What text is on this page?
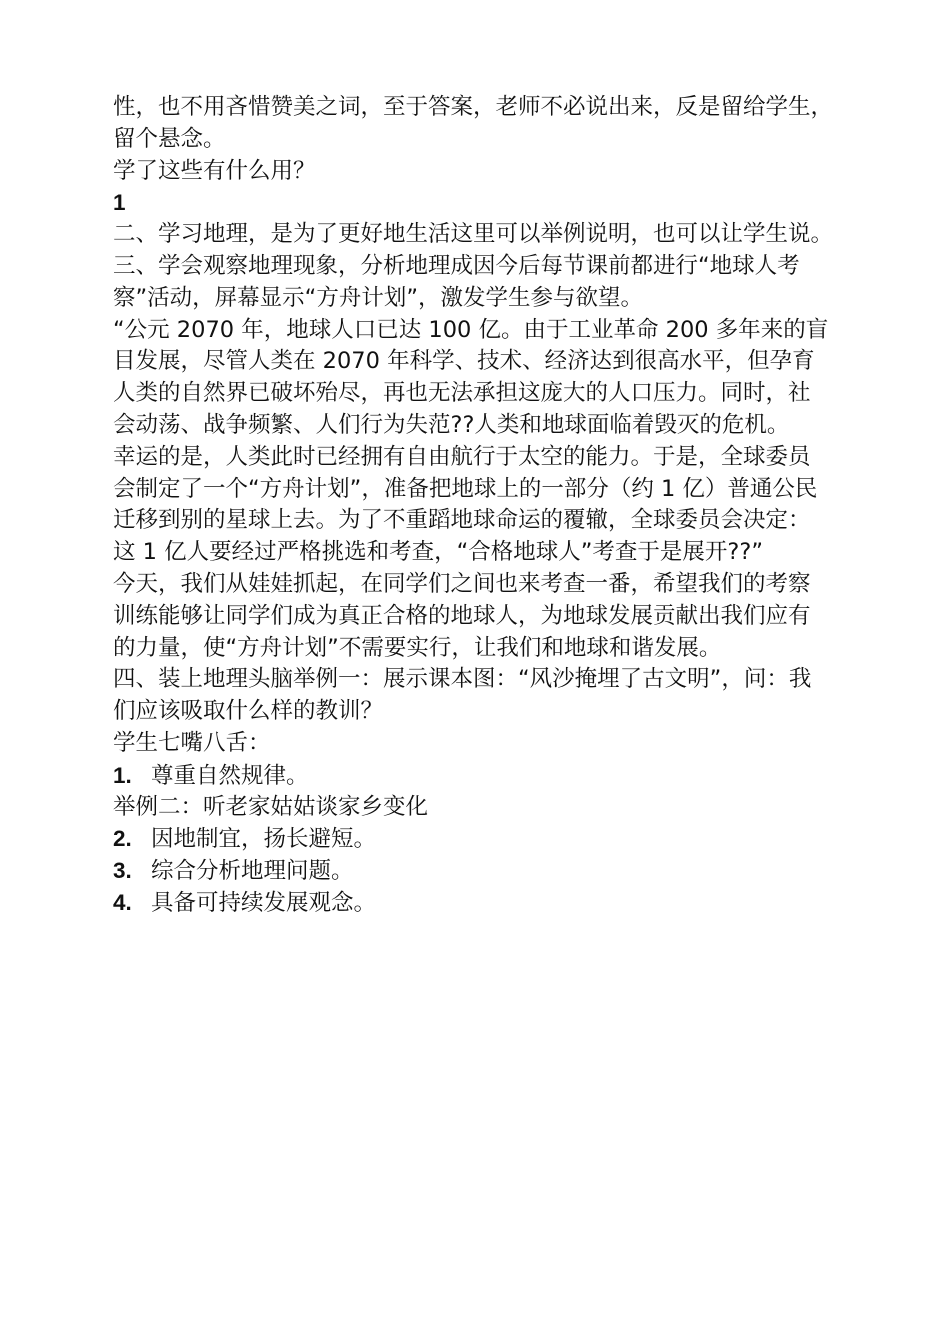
性，也不用吝惜赞美之词，至于答案，老师不必说出来，反是留给学生，
留个悬念。
学了这些有什么用？
1
二、学习地理，是为了更好地生活这里可以举例说明，也可以让学生说。
三、学会观察地理现象，分析地理成因今后每节课前都进行“地球人考
察”活动，屏幕显示“方舟计划”，激发学生参与欲望。
“公元 2070 年，地球人口已达 100 亿。由于工业革命 200 多年来的盲
目发展，尽管人类在 2070 年科学、技术、经济达到很高水平，但孕育
人类的自然界已破坏殆尽，再也无法承担这庞大的人口压力。同时，社
会动荡、战争频繁、人们行为失范??人类和地球面临着毁灭的危机。
幸运的是，人类此时已经拥有自由航行于太空的能力。于是，全球委员
会制定了一个“方舟计划”，准备把地球上的一部分（约 1 亿）普通公民
迁移到别的星球上去。为了不重蹈地球命运的覆辙，全球委员会决定：
这 1 亿人要经过严格挑选和考查，“合格地球人”考查于是展开??”
今天，我们从娃娃抓起，在同学们之间也来考查一番，希望我们的考察
训练能够让同学们成为真正合格的地球人，为地球发展贡献出我们应有
的力量，使“方舟计划”不需要实行，让我们和地球和谐发展。
四、装上地理头脑举例一：展示课本图：“风沙掩埋了古文明”，问：我
们应该吸取什么样的教训？
学生七嘴八舌：
1. 尊重自然规律。
举例二：听老家姑姑谈家乡变化
2. 因地制宜，扬长避短。
3. 综合分析地理问题。
4. 具备可持续发展观念。
